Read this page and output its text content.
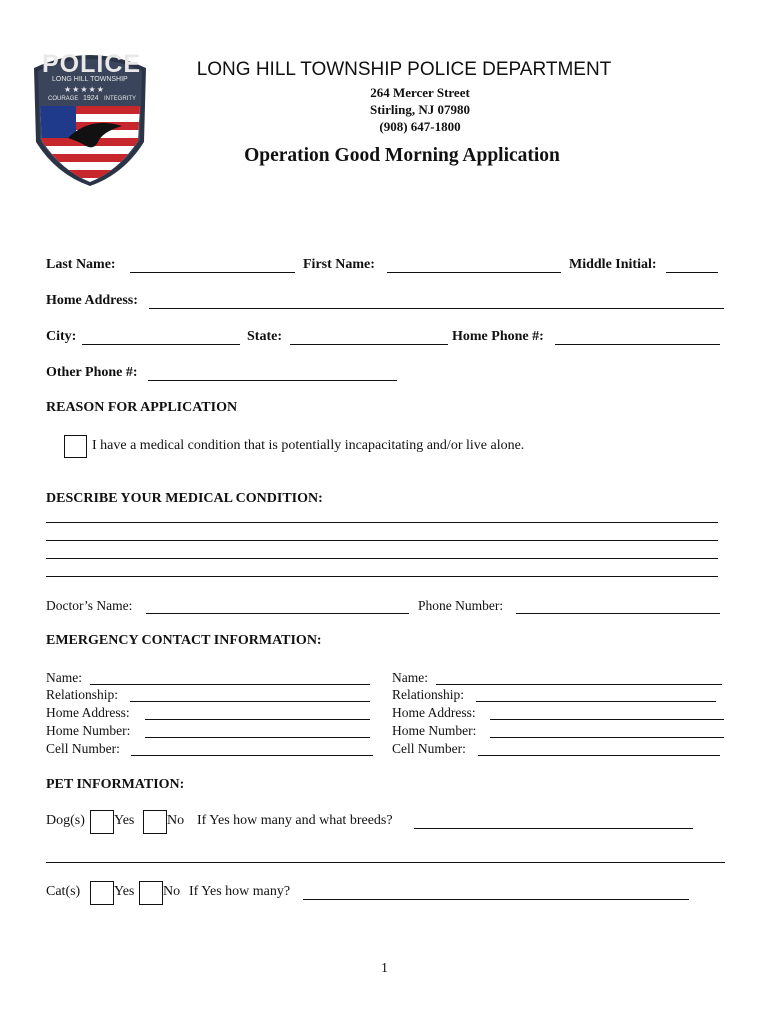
POLICE
LONG HILL TOWNSHIP
COURAGE 1924 INTEGRITY
★★★★★
LONG HILL TOWNSHIP POLICE DEPARTMENT
264 Mercer Street
Stirling, NJ 07980
(908) 647-1800
Operation Good Morning Application
Last Name:	First Name:	Middle Initial:
Home Address:
City:	State:	Home Phone #:
Other Phone #:
REASON FOR APPLICATION
I have a medical condition that is potentially incapacitating and/or live alone.
DESCRIBE YOUR MEDICAL CONDITION:
Doctor’s Name:	Phone Number:
EMERGENCY CONTACT INFORMATION:
Name:
Relationship:
Home Address:
Home Number:
Cell Number:
Name:
Relationship:
Home Address:
Home Number:
Cell Number:
PET INFORMATION:
Dog(s) Yes No If Yes how many and what breeds?
Cat(s) Yes No If Yes how many?
1
